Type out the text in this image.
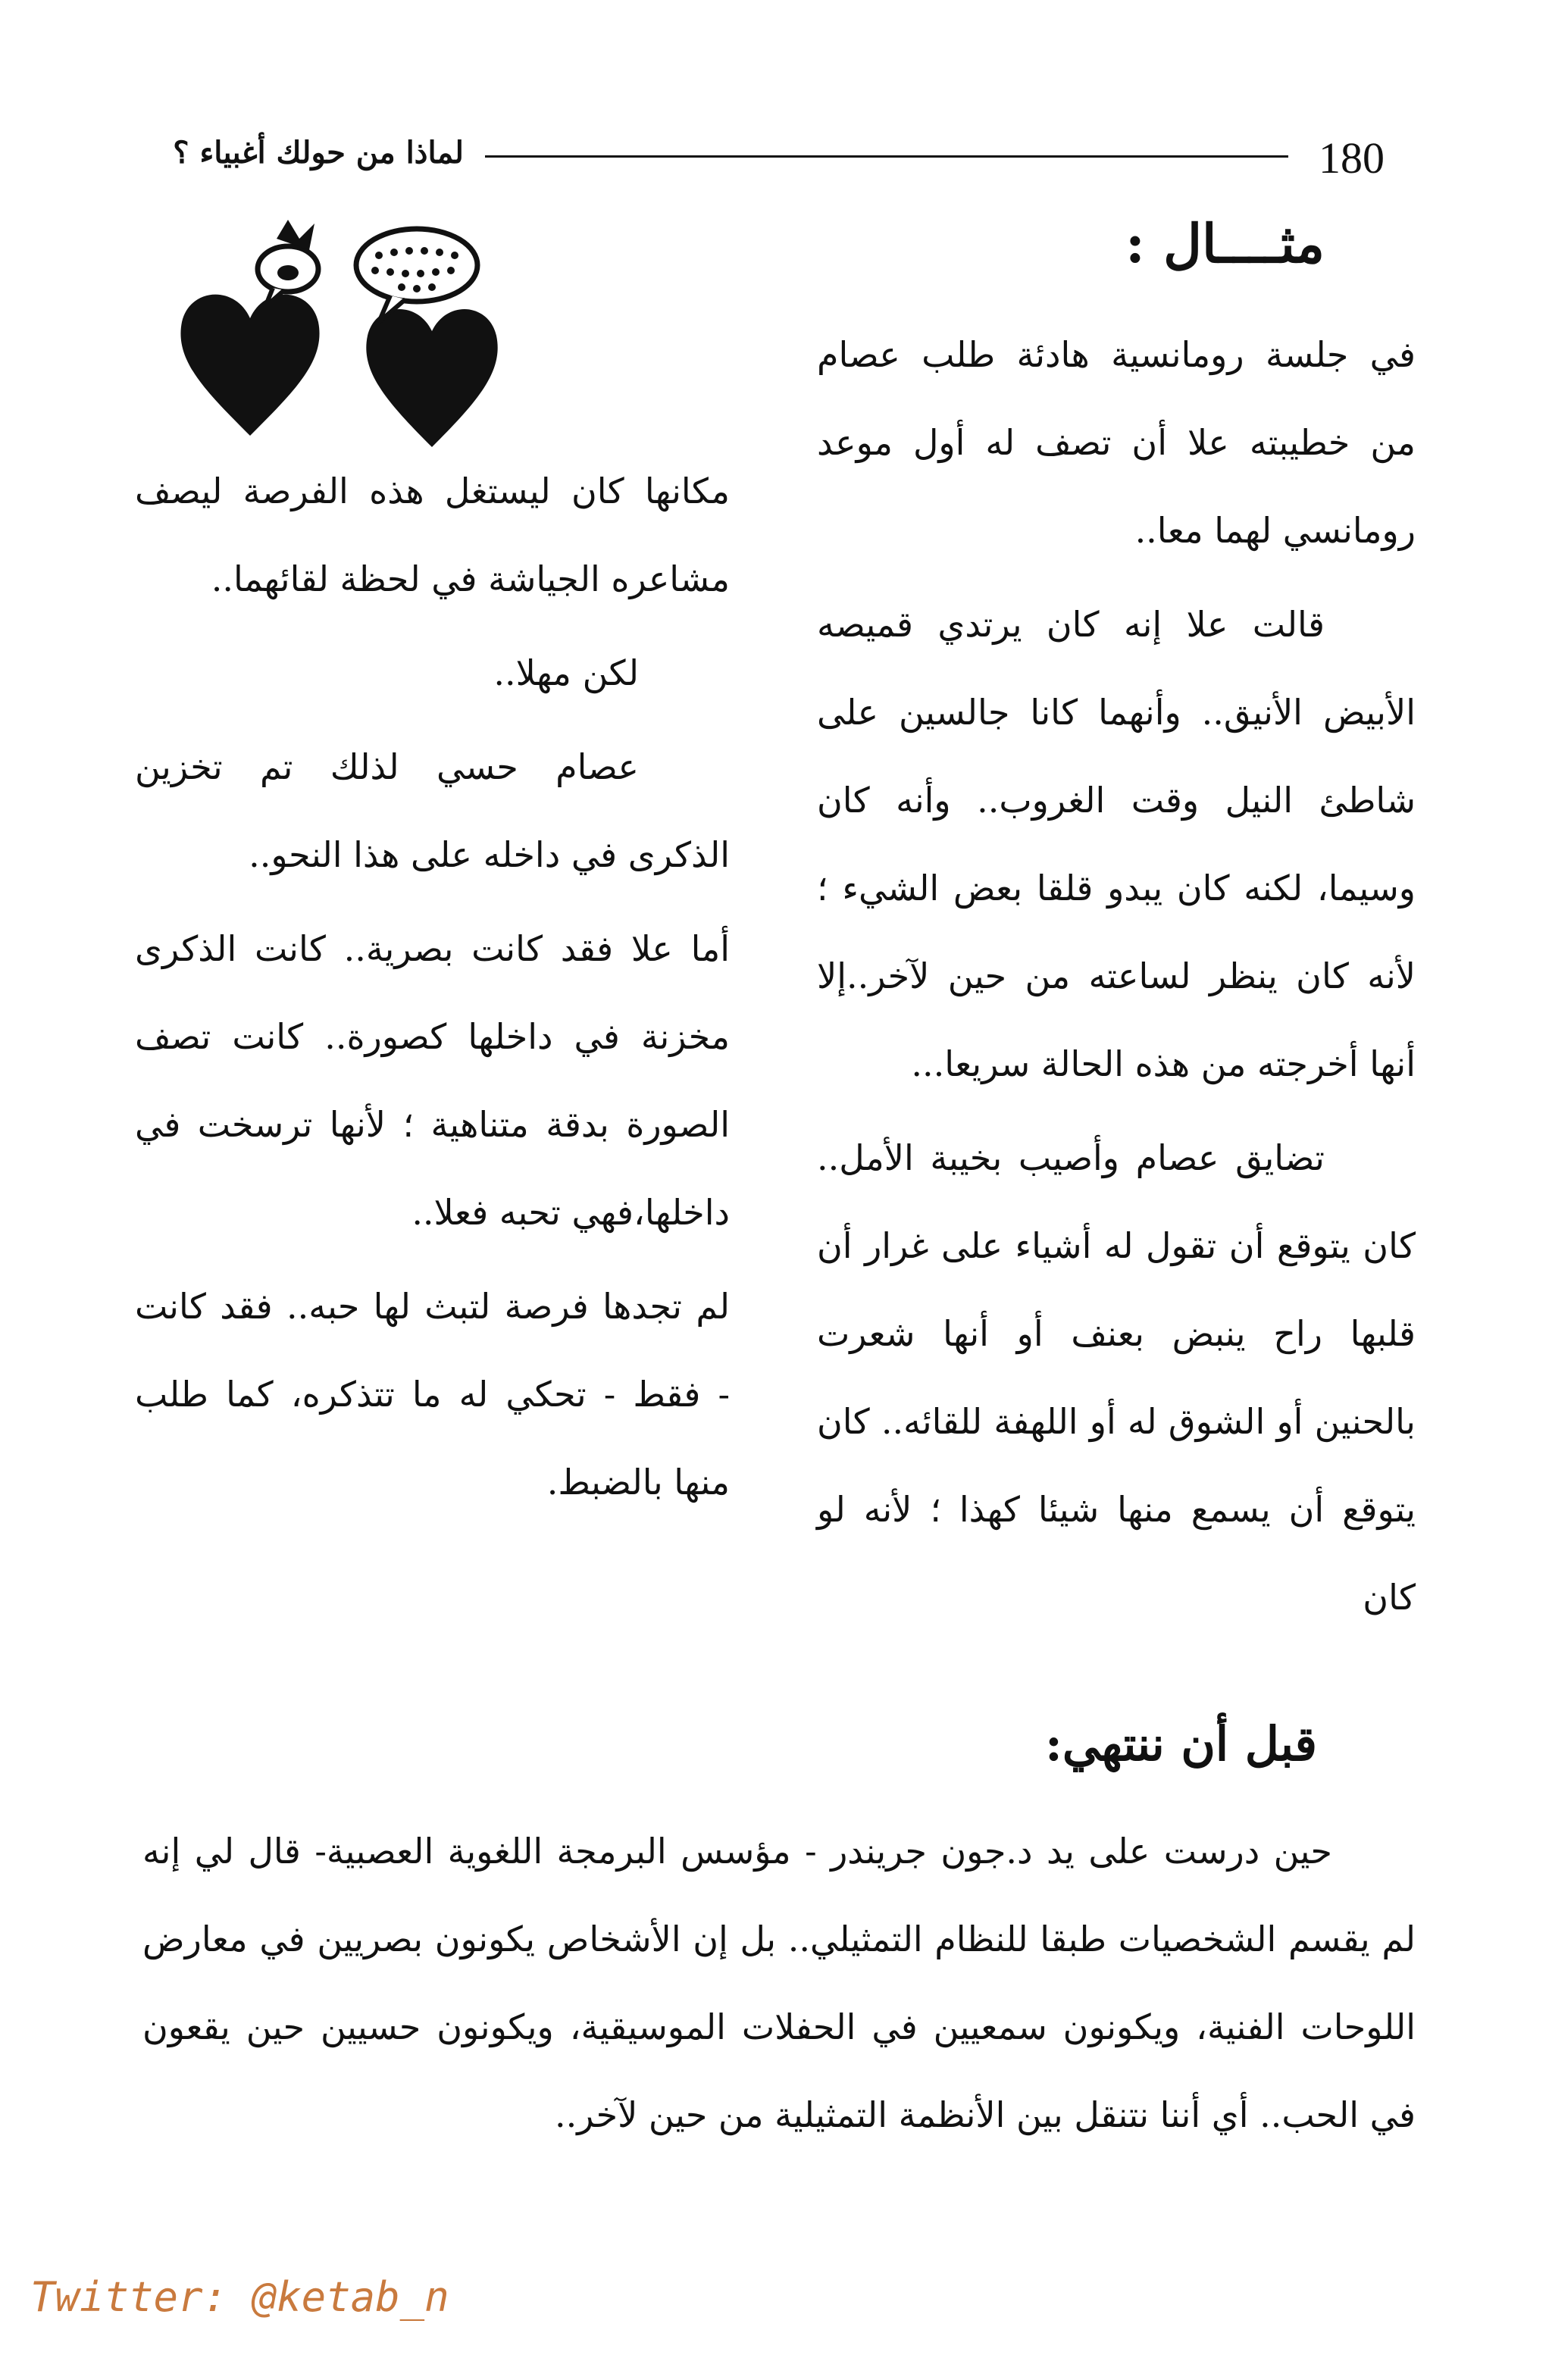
180
لماذا من حولك أغبياء ؟
مثــــال :

في جلسة رومانسية هادئة طلب عصام من خطيبته علا أن تصف له أول موعد رومانسي لهما معا..

قالت علا إنه كان يرتدي قميصه الأبيض الأنيق.. وأنهما كانا جالسين على شاطئ النيل وقت الغروب.. وأنه كان وسيما، لكنه كان يبدو قلقا بعض الشيء ؛ لأنه كان ينظر لساعته من حين لآخر..إلا أنها أخرجته من هذه الحالة سريعا...

تضايق عصام وأصيب بخيبة الأمل.. كان يتوقع أن تقول له أشياء على غرار أن قلبها راح ينبض بعنف أو أنها شعرت بالحنين أو الشوق له أو اللهفة للقائه.. كان يتوقع أن يسمع منها شيئا كهذا ؛ لأنه لو كان

مكانها كان ليستغل هذه الفرصة ليصف مشاعره الجياشة في لحظة لقائهما..

لكن مهلا..

عصام حسي لذلك تم تخزين الذكرى في داخله على هذا النحو..

أما علا فقد كانت بصرية.. كانت الذكرى مخزنة في داخلها كصورة.. كانت تصف الصورة بدقة متناهية ؛ لأنها ترسخت في داخلها،فهي تحبه فعلا..

لم تجدها فرصة لتبث لها حبه.. فقد كانت - فقط - تحكي له ما تتذكره، كما طلب منها بالضبط.

قبل أن ننتهي:

حين درست على يد د.جون جريندر - مؤسس البرمجة اللغوية العصبية- قال لي إنه لم يقسم الشخصيات طبقا للنظام التمثيلي.. بل إن الأشخاص يكونون بصريين في معارض اللوحات الفنية، ويكونون سمعيين في الحفلات الموسيقية، ويكونون حسيين حين يقعون في الحب.. أي أننا نتنقل بين الأنظمة التمثيلية من حين لآخر..

Twitter: @ketab_n
